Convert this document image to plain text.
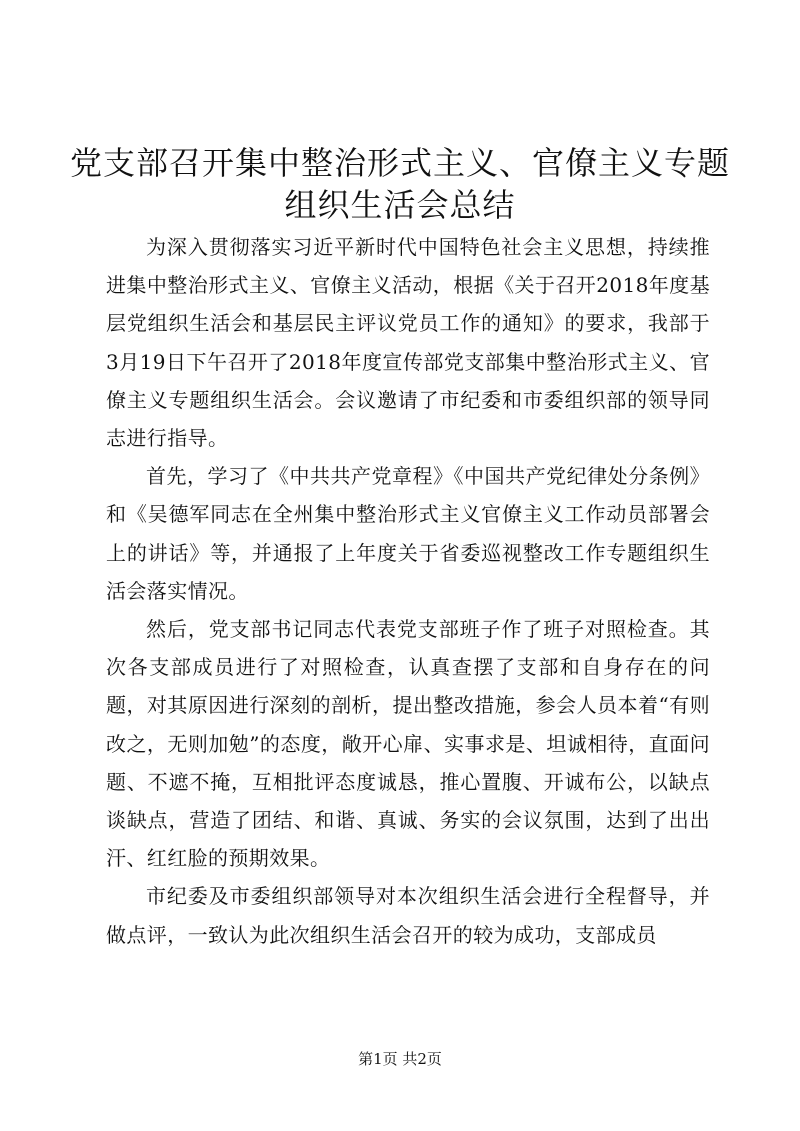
党支部召开集中整治形式主义、官僚主义专题
组织生活会总结

为深入贯彻落实习近平新时代中国特色社会主义思想，持续推进集中整治形式主义、官僚主义活动，根据《关于召开2018年度基层党组织生活会和基层民主评议党员工作的通知》的要求，我部于3月19日下午召开了2018年度宣传部党支部集中整治形式主义、官僚主义专题组织生活会。会议邀请了市纪委和市委组织部的领导同志进行指导。

首先，学习了《中共共产党章程》《中国共产党纪律处分条例》和《吴德军同志在全州集中整治形式主义官僚主义工作动员部署会上的讲话》等，并通报了上年度关于省委巡视整改工作专题组织生活会落实情况。

然后，党支部书记同志代表党支部班子作了班子对照检查。其次各支部成员进行了对照检查，认真查摆了支部和自身存在的问题，对其原因进行深刻的剖析，提出整改措施，参会人员本着“有则改之，无则加勉”的态度，敞开心扉、实事求是、坦诚相待，直面问题、不遮不掩，互相批评态度诚恳，推心置腹、开诚布公，以缺点谈缺点，营造了团结、和谐、真诚、务实的会议氛围，达到了出出汗、红红脸的预期效果。

市纪委及市委组织部领导对本次组织生活会进行全程督导，并做点评，一致认为此次组织生活会召开的较为成功，支部成员

第1页 共2页
